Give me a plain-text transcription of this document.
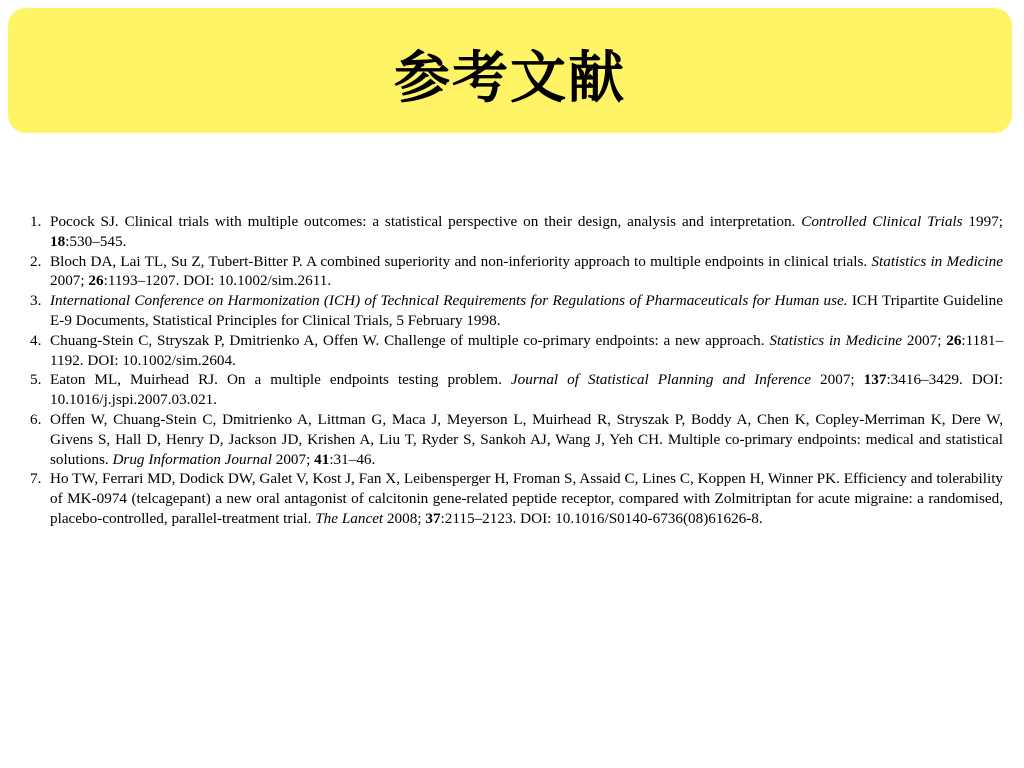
参考文献
1. Pocock SJ. Clinical trials with multiple outcomes: a statistical perspective on their design, analysis and interpretation. Controlled Clinical Trials 1997; 18:530–545.
2. Bloch DA, Lai TL, Su Z, Tubert-Bitter P. A combined superiority and non-inferiority approach to multiple endpoints in clinical trials. Statistics in Medicine 2007; 26:1193–1207. DOI: 10.1002/sim.2611.
3. International Conference on Harmonization (ICH) of Technical Requirements for Regulations of Pharmaceuticals for Human use. ICH Tripartite Guideline E-9 Documents, Statistical Principles for Clinical Trials, 5 February 1998.
4. Chuang-Stein C, Stryszak P, Dmitrienko A, Offen W. Challenge of multiple co-primary endpoints: a new approach. Statistics in Medicine 2007; 26:1181–1192. DOI: 10.1002/sim.2604.
5. Eaton ML, Muirhead RJ. On a multiple endpoints testing problem. Journal of Statistical Planning and Inference 2007; 137:3416–3429. DOI: 10.1016/j.jspi.2007.03.021.
6. Offen W, Chuang-Stein C, Dmitrienko A, Littman G, Maca J, Meyerson L, Muirhead R, Stryszak P, Boddy A, Chen K, Copley-Merriman K, Dere W, Givens S, Hall D, Henry D, Jackson JD, Krishen A, Liu T, Ryder S, Sankoh AJ, Wang J, Yeh CH. Multiple co-primary endpoints: medical and statistical solutions. Drug Information Journal 2007; 41:31–46.
7. Ho TW, Ferrari MD, Dodick DW, Galet V, Kost J, Fan X, Leibensperger H, Froman S, Assaid C, Lines C, Koppen H, Winner PK. Efficiency and tolerability of MK-0974 (telcagepant) a new oral antagonist of calcitonin gene-related peptide receptor, compared with Zolmitriptan for acute migraine: a randomised, placebo-controlled, parallel-treatment trial. The Lancet 2008; 37:2115–2123. DOI: 10.1016/S0140-6736(08)61626-8.
